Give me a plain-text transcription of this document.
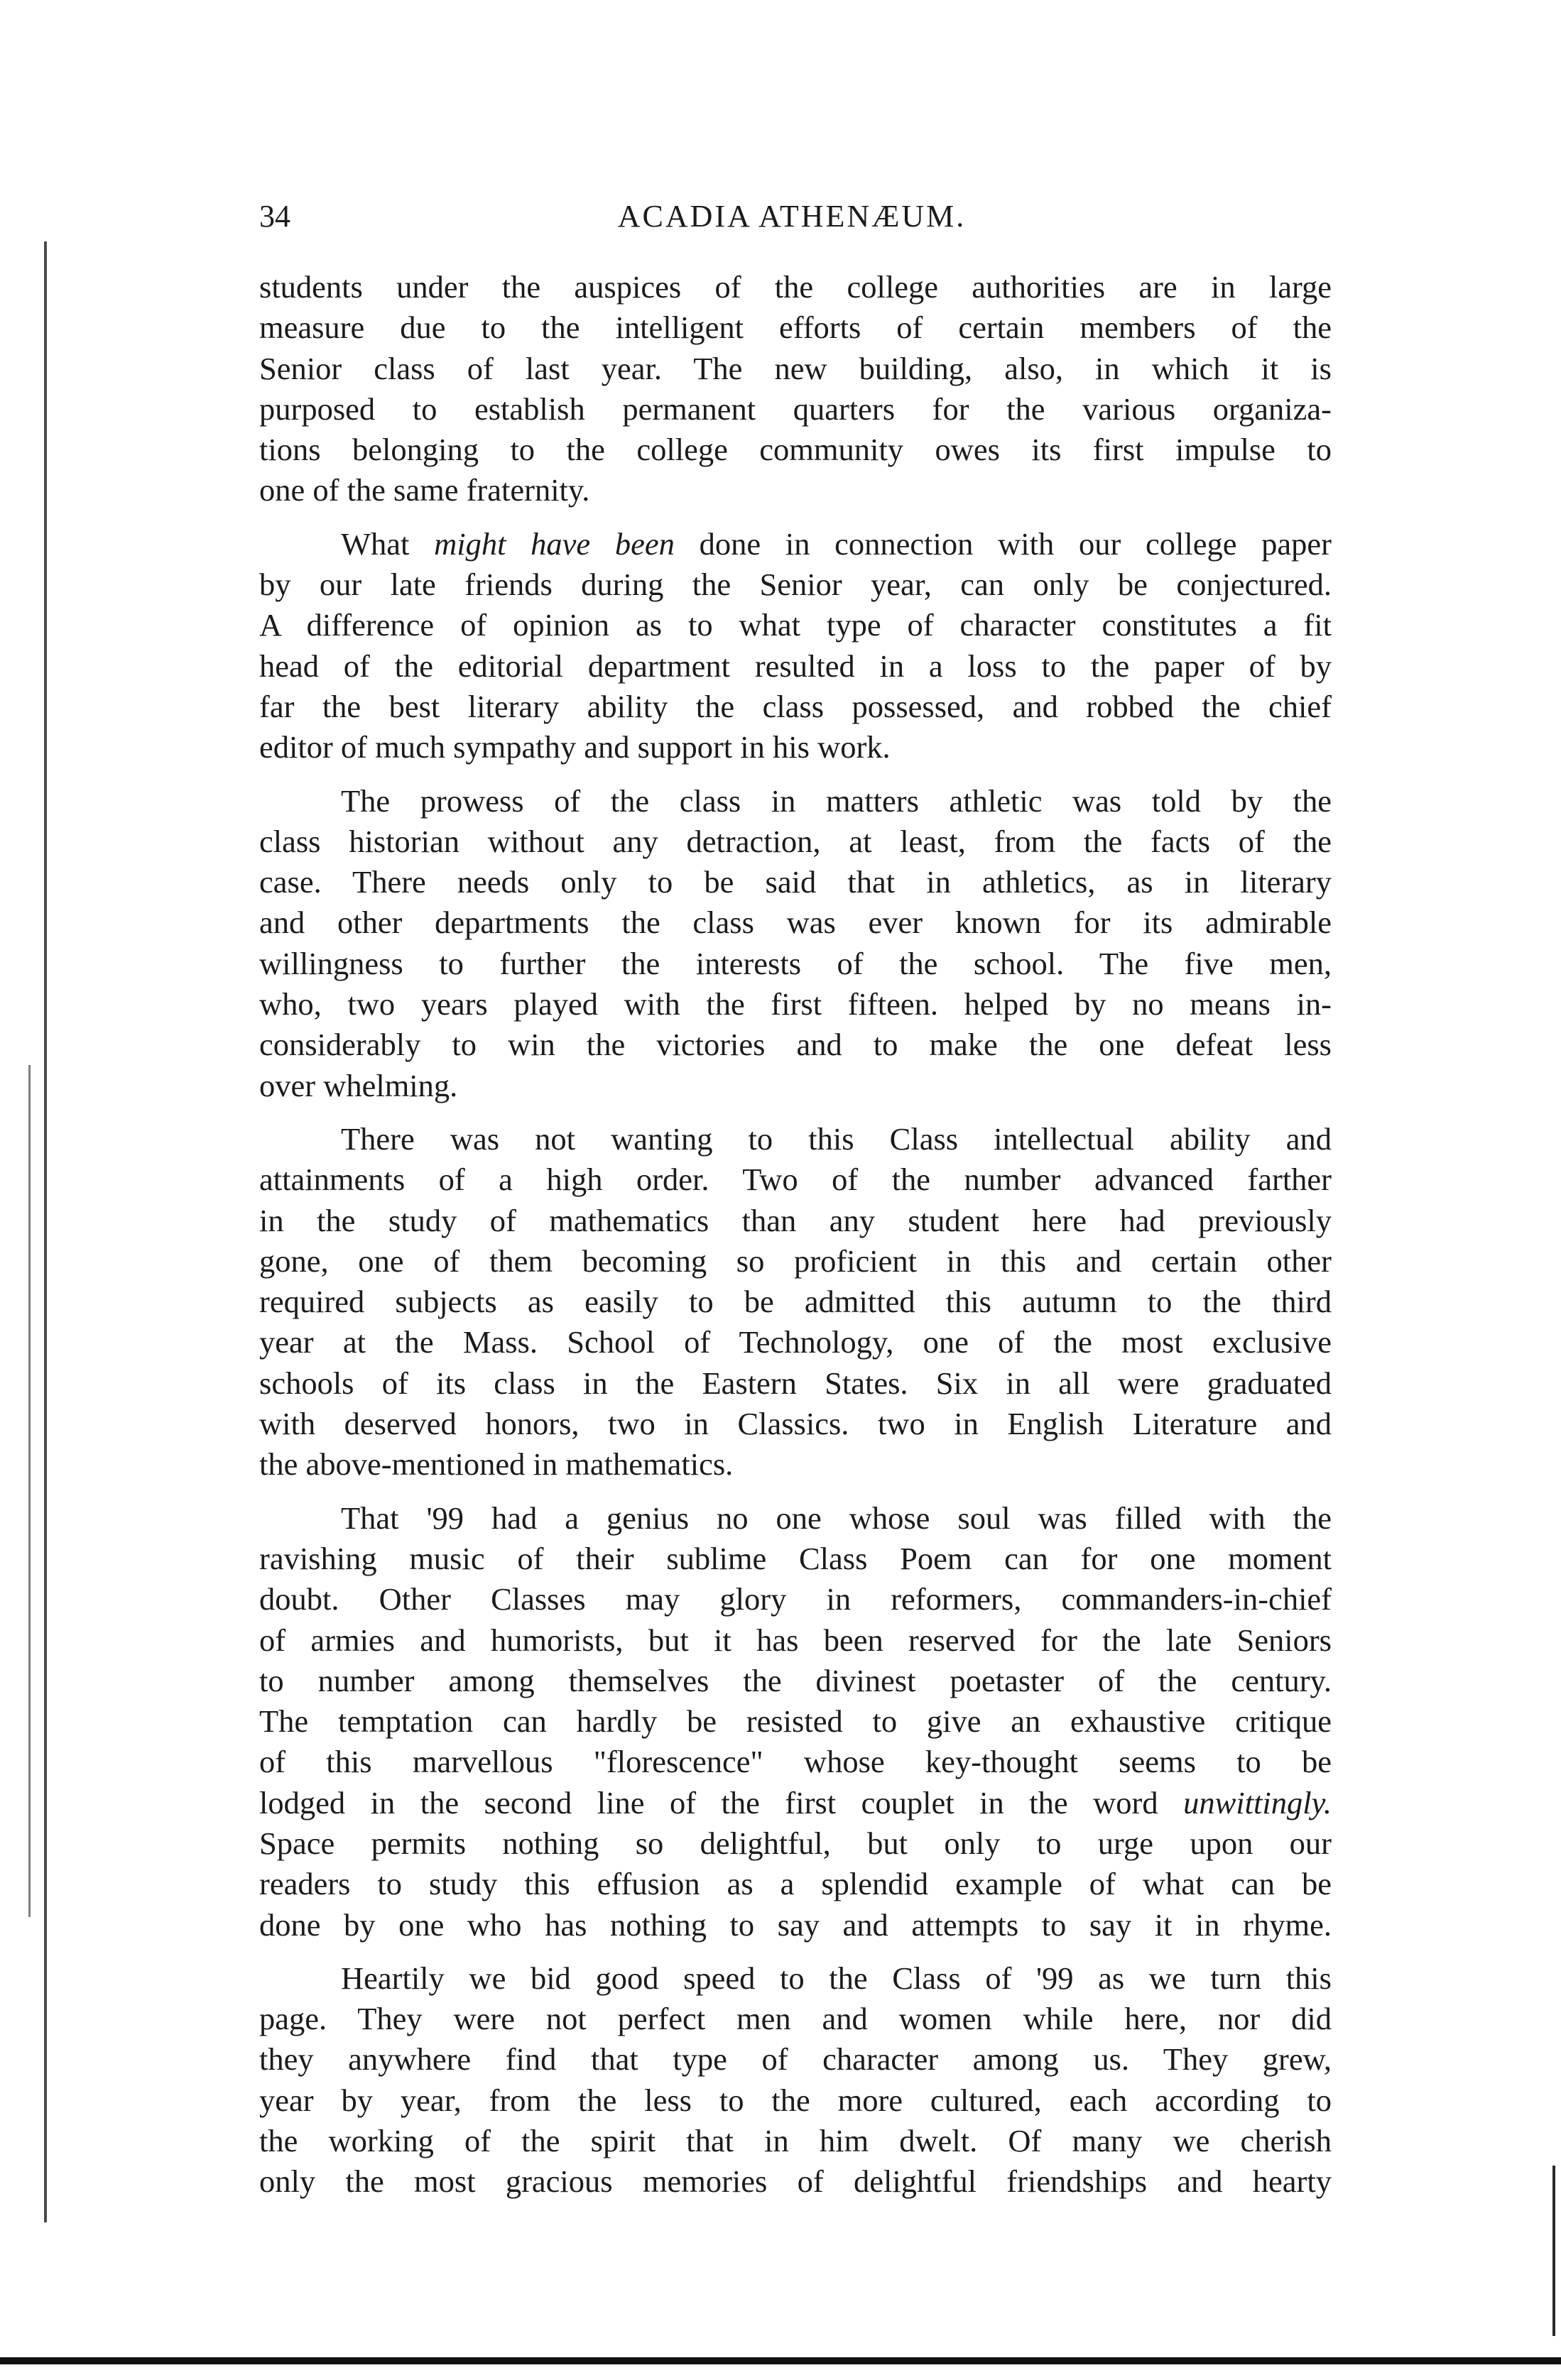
34	ACADIA ATHENÆUM.

students under the auspices of the college authorities are in large
measure due to the intelligent efforts of certain members of the
Senior class of last year. The new building, also, in which it is
purposed to establish permanent quarters for the various organiza-
tions belonging to the college community owes its first impulse to
one of the same fraternity.

What might have been done in connection with our college paper
by our late friends during the Senior year, can only be conjectured.
A difference of opinion as to what type of character constitutes a fit
head of the editorial department resulted in a loss to the paper of by
far the best literary ability the class possessed, and robbed the chief
editor of much sympathy and support in his work.

The prowess of the class in matters athletic was told by the
class historian without any detraction, at least, from the facts of the
case. There needs only to be said that in athletics, as in literary
and other departments the class was ever known for its admirable
willingness to further the interests of the school. The five men,
who, two years played with the first fifteen. helped by no means in-
considerably to win the victories and to make the one defeat less
over whelming.

There was not wanting to this Class intellectual ability and
attainments of a high order. Two of the number advanced farther
in the study of mathematics than any student here had previously
gone, one of them becoming so proficient in this and certain other
required subjects as easily to be admitted this autumn to the third
year at the Mass. School of Technology, one of the most exclusive
schools of its class in the Eastern States. Six in all were graduated
with deserved honors, two in Classics. two in English Literature and
the above-mentioned in mathematics.

That '99 had a genius no one whose soul was filled with the
ravishing music of their sublime Class Poem can for one moment
doubt. Other Classes may glory in reformers, commanders-in-chief
of armies and humorists, but it has been reserved for the late Seniors
to number among themselves the divinest poetaster of the century.
The temptation can hardly be resisted to give an exhaustive critique
of this marvellous "florescence" whose key-thought seems to be
lodged in the second line of the first couplet in the word unwittingly.
Space permits nothing so delightful, but only to urge upon our
readers to study this effusion as a splendid example of what can be
done by one who has nothing to say and attempts to say it in rhyme.

Heartily we bid good speed to the Class of '99 as we turn this
page. They were not perfect men and women while here, nor did
they anywhere find that type of character among us. They grew,
year by year, from the less to the more cultured, each according to
the working of the spirit that in him dwelt. Of many we cherish
only the most gracious memories of delightful friendships and hearty
